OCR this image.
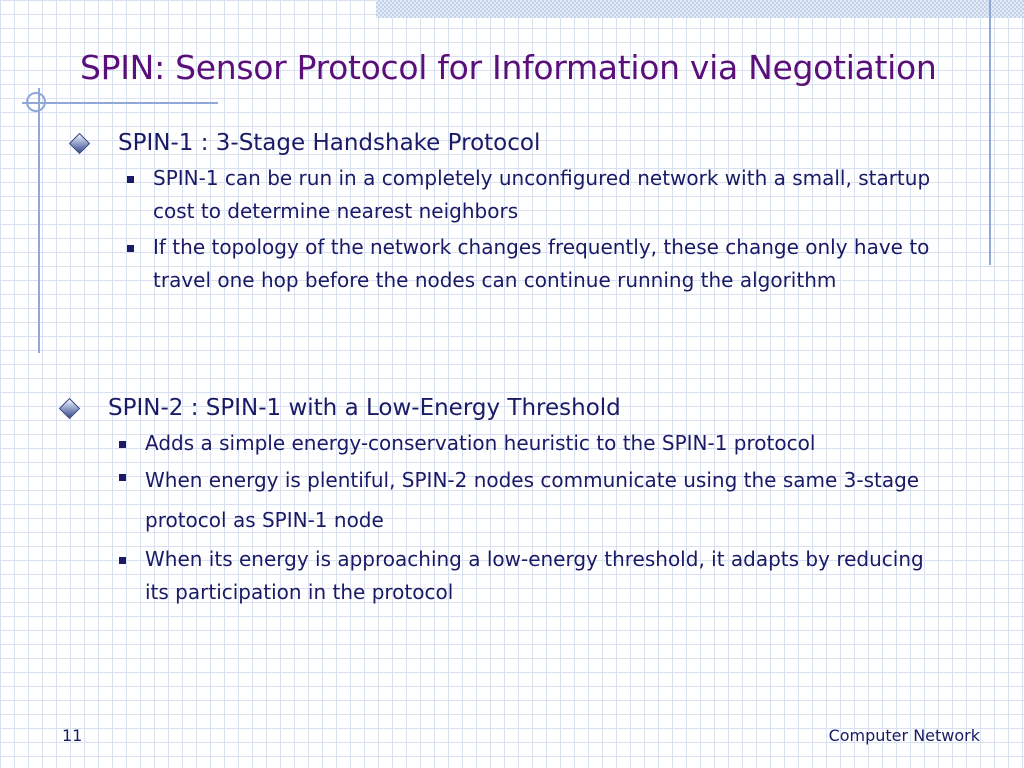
SPIN: Sensor Protocol for Information via Negotiation
SPIN-1 : 3-Stage Handshake Protocol
SPIN-1 can be run in a completely unconfigured network with a small, startup cost to determine nearest neighbors
If the topology of the network changes frequently, these change only have to travel one hop before the nodes can continue running the algorithm
SPIN-2 : SPIN-1 with a Low-Energy Threshold
Adds a simple energy-conservation heuristic to the SPIN-1 protocol
When energy is plentiful, SPIN-2 nodes communicate using the same 3-stage protocol as SPIN-1 node
When its energy is approaching a low-energy threshold, it adapts by reducing its participation in the protocol
11	Computer Network
